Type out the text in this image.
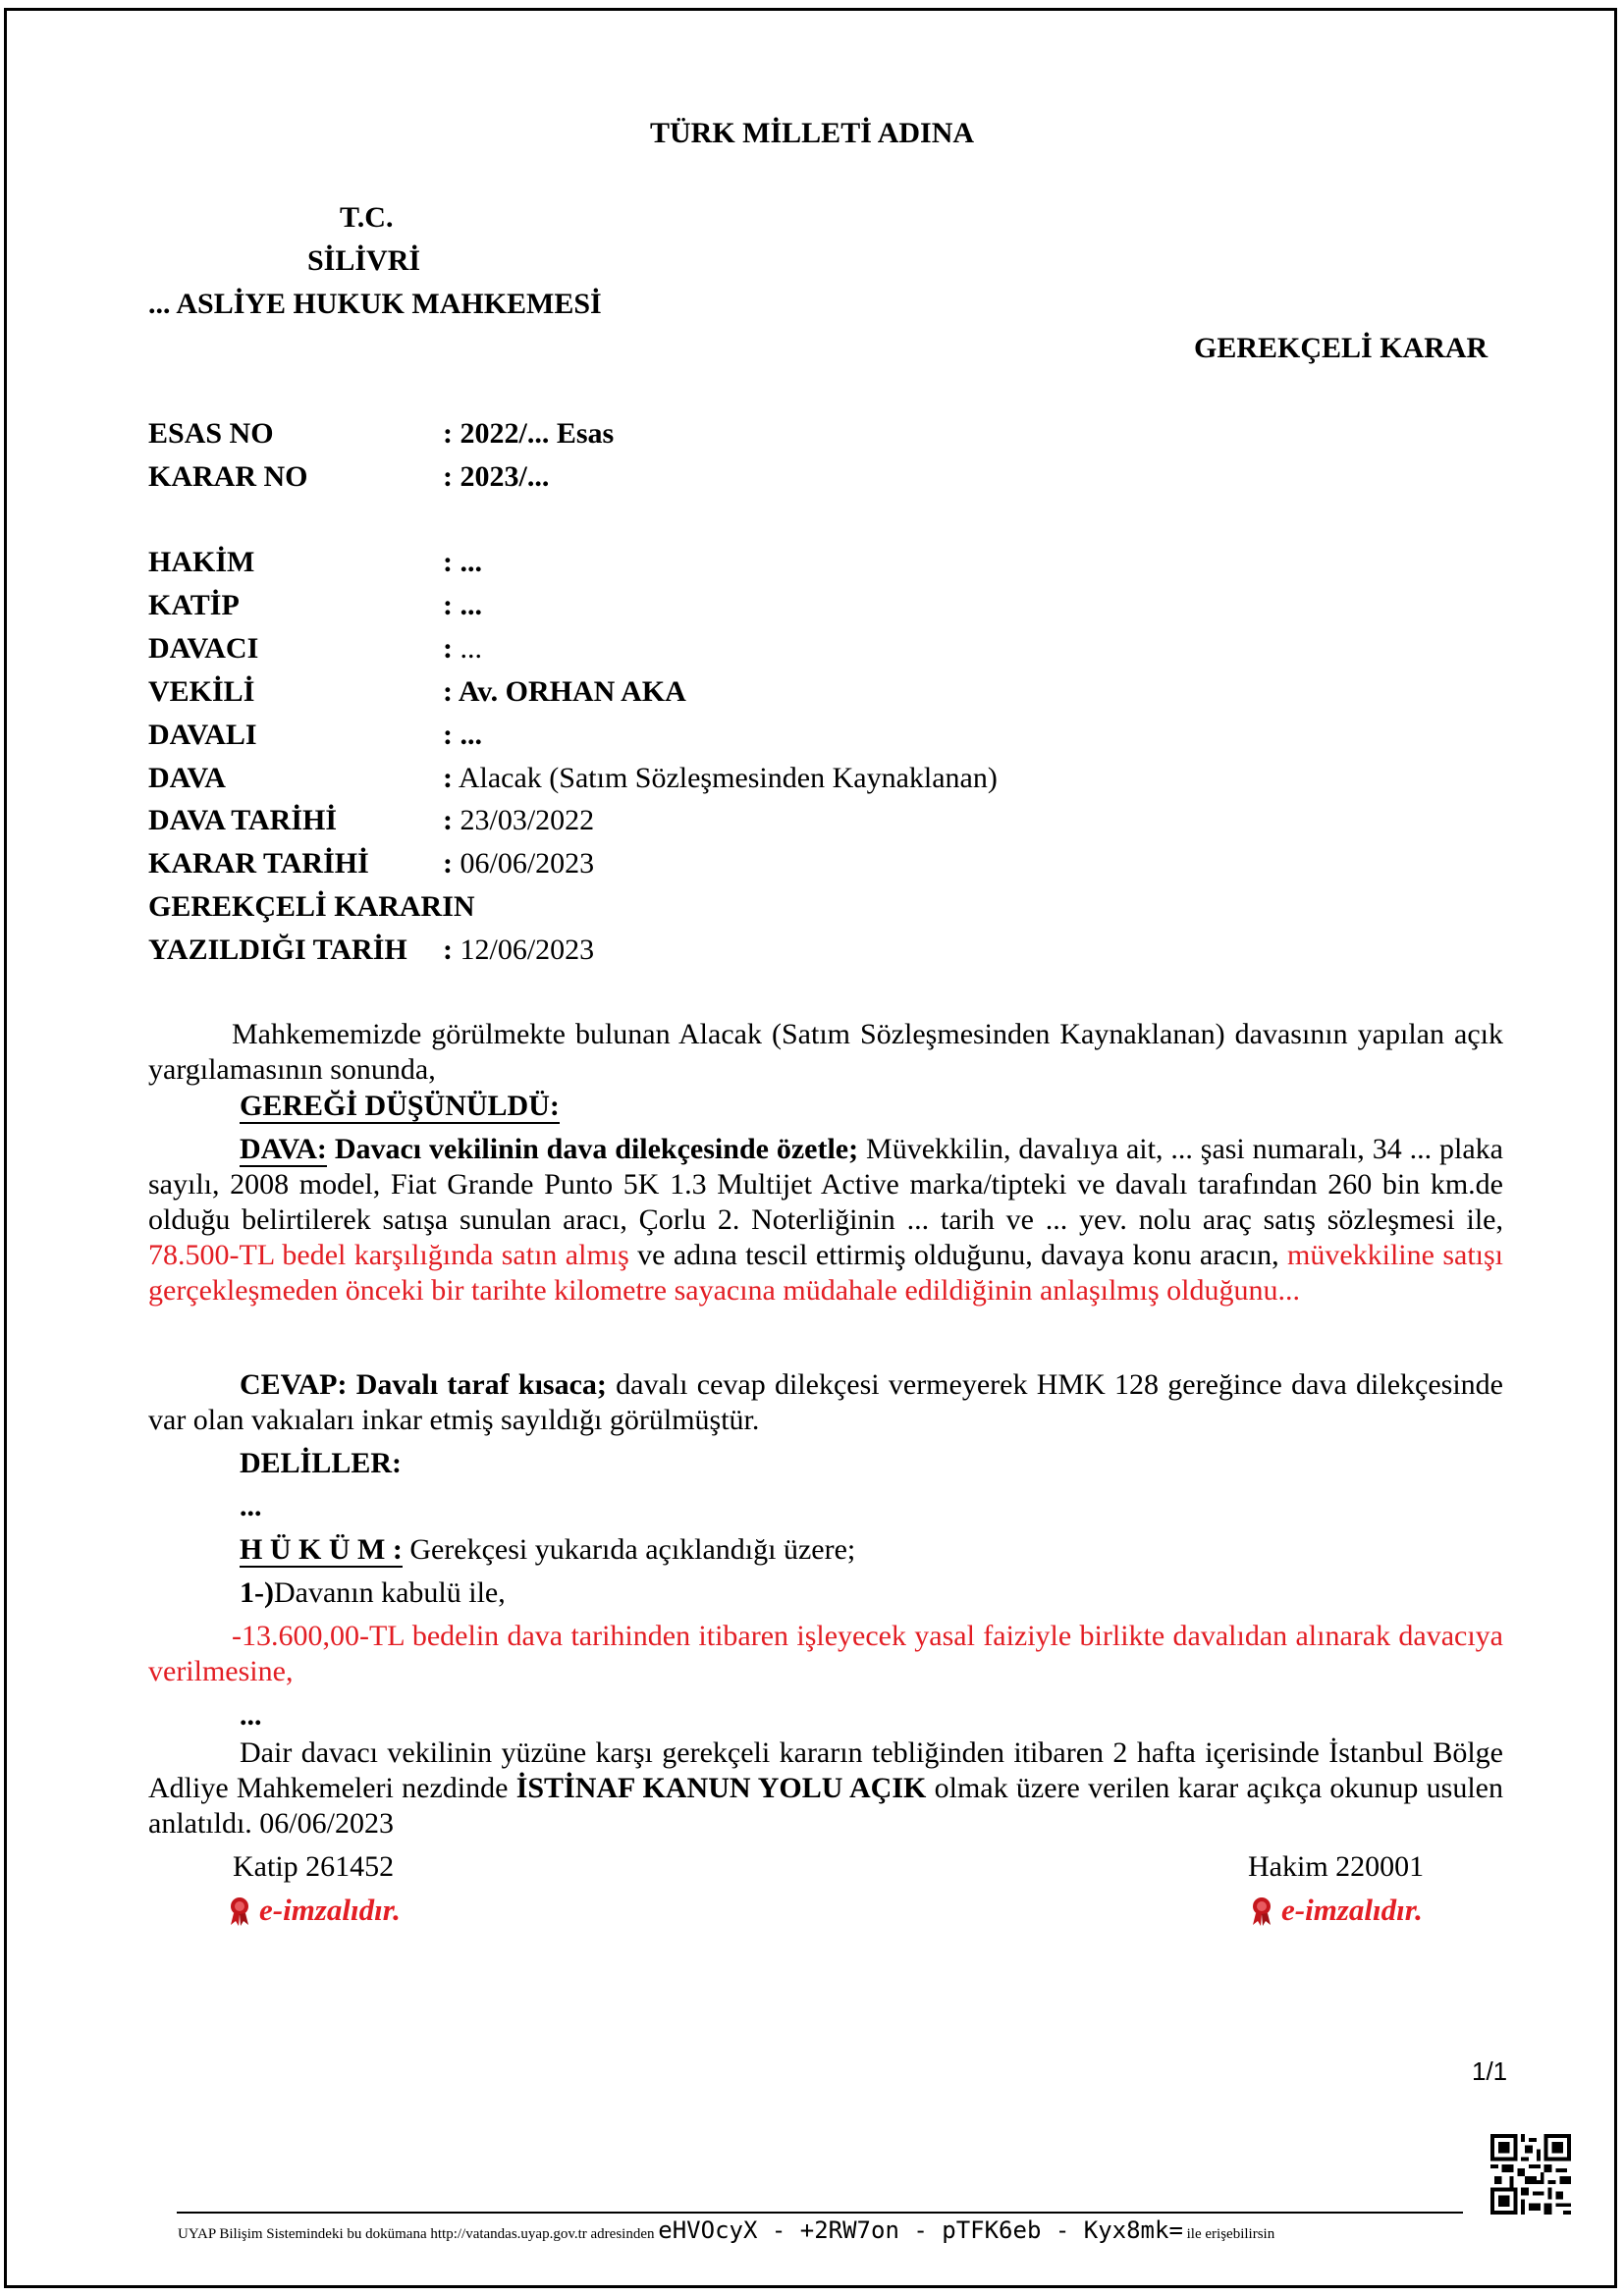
TÜRK MİLLETİ ADINA
T.C.
SİLİVRİ
... ASLİYE HUKUK MAHKEMESİ
GEREKÇELİ KARAR
ESAS NO	: 2022/... Esas
KARAR NO	: 2023/...
HAKİM	: ...
KATİP	: ...
DAVACI	: ...
VEKİLİ	: Av. ORHAN AKA
DAVALI	: ...
DAVA	: Alacak (Satım Sözleşmesinden Kaynaklanan)
DAVA TARİHİ	: 23/03/2022
KARAR TARİHİ	: 06/06/2023
GEREKÇELİ KARARIN
YAZILDIĞI TARİH : 12/06/2023
Mahkememizde görülmekte bulunan Alacak (Satım Sözleşmesinden Kaynaklanan) davasının yapılan açık yargılamasının sonunda,
GEREĞİ DÜŞÜNÜLDÜ:
DAVA: Davacı vekilinin dava dilekçesinde özetle; Müvekkilin, davalıya ait, ... şasi numaralı, 34 ... plaka sayılı, 2008 model, Fiat Grande Punto 5K 1.3 Multijet Active marka/tipteki ve davalı tarafından 260 bin km.de olduğu belirtilerek satışa sunulan aracı, Çorlu 2. Noterliğinin ... tarih ve ... yev. nolu araç satış sözleşmesi ile, 78.500-TL bedel karşılığında satın almış ve adına tescil ettirmiş olduğunu, davaya konu aracın, müvekkiline satışı gerçekleşmeden önceki bir tarihte kilometre sayacına müdahale edildiğinin anlaşılmış olduğunu...
CEVAP: Davalı taraf kısaca; davalı cevap dilekçesi vermeyerek HMK 128 gereğince dava dilekçesinde var olan vakıaları inkar etmiş sayıldığı görülmüştür.
DELİLLER:
...
H Ü K Ü M : Gerekçesi yukarıda açıklandığı üzere;
1-)Davanın kabulü ile,
-13.600,00-TL bedelin dava tarihinden itibaren işleyecek yasal faiziyle birlikte davalıdan alınarak davacıya verilmesine,
...
Dair davacı vekilinin yüzüne karşı gerekçeli kararın tebliğinden itibaren 2 hafta içerisinde İstanbul Bölge Adliye Mahkemeleri nezdinde İSTİNAF KANUN YOLU AÇIK olmak üzere verilen karar açıkça okunup usulen anlatıldı. 06/06/2023
Katip 261452
e-imzalıdır.
Hakim 220001
e-imzalıdır.
1/1
UYAP Bilişim Sistemindeki bu dokümana http://vatandas.uyap.gov.tr adresinden eHVOcyX - +2RW7on - pTFK6eb - Kyx8mk= ile erişebilirsin
